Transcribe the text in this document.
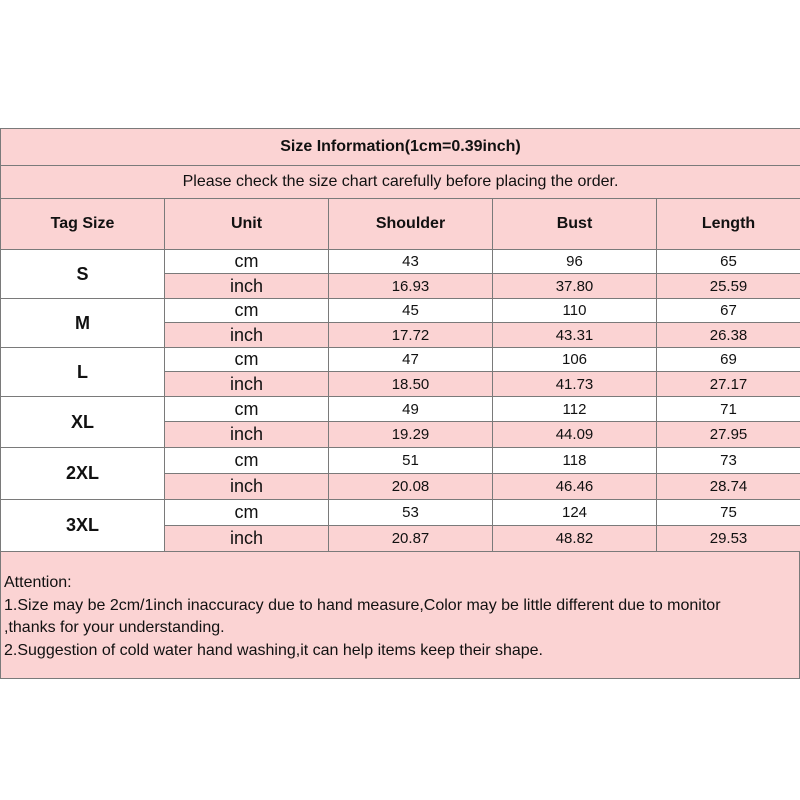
Size Information(1cm=0.39inch)				
Please check the size chart carefully before placing the order.				
Tag Size	Unit	Shoulder	Bust	Length
S	cm	43	96	65
	inch	16.93	37.80	25.59
M	cm	45	110	67
	inch	17.72	43.31	26.38
L	cm	47	106	69
	inch	18.50	41.73	27.17
XL	cm	49	112	71
	inch	19.29	44.09	27.95
2XL	cm	51	118	73
	inch	20.08	46.46	28.74
3XL	cm	53	124	75
	inch	20.87	48.82	29.53
Attention:
1.Size may be 2cm/1inch inaccuracy due to hand measure,Color may be little different due to monitor
,thanks for your understanding.
2.Suggestion of cold water hand washing,it can help items keep their shape.
